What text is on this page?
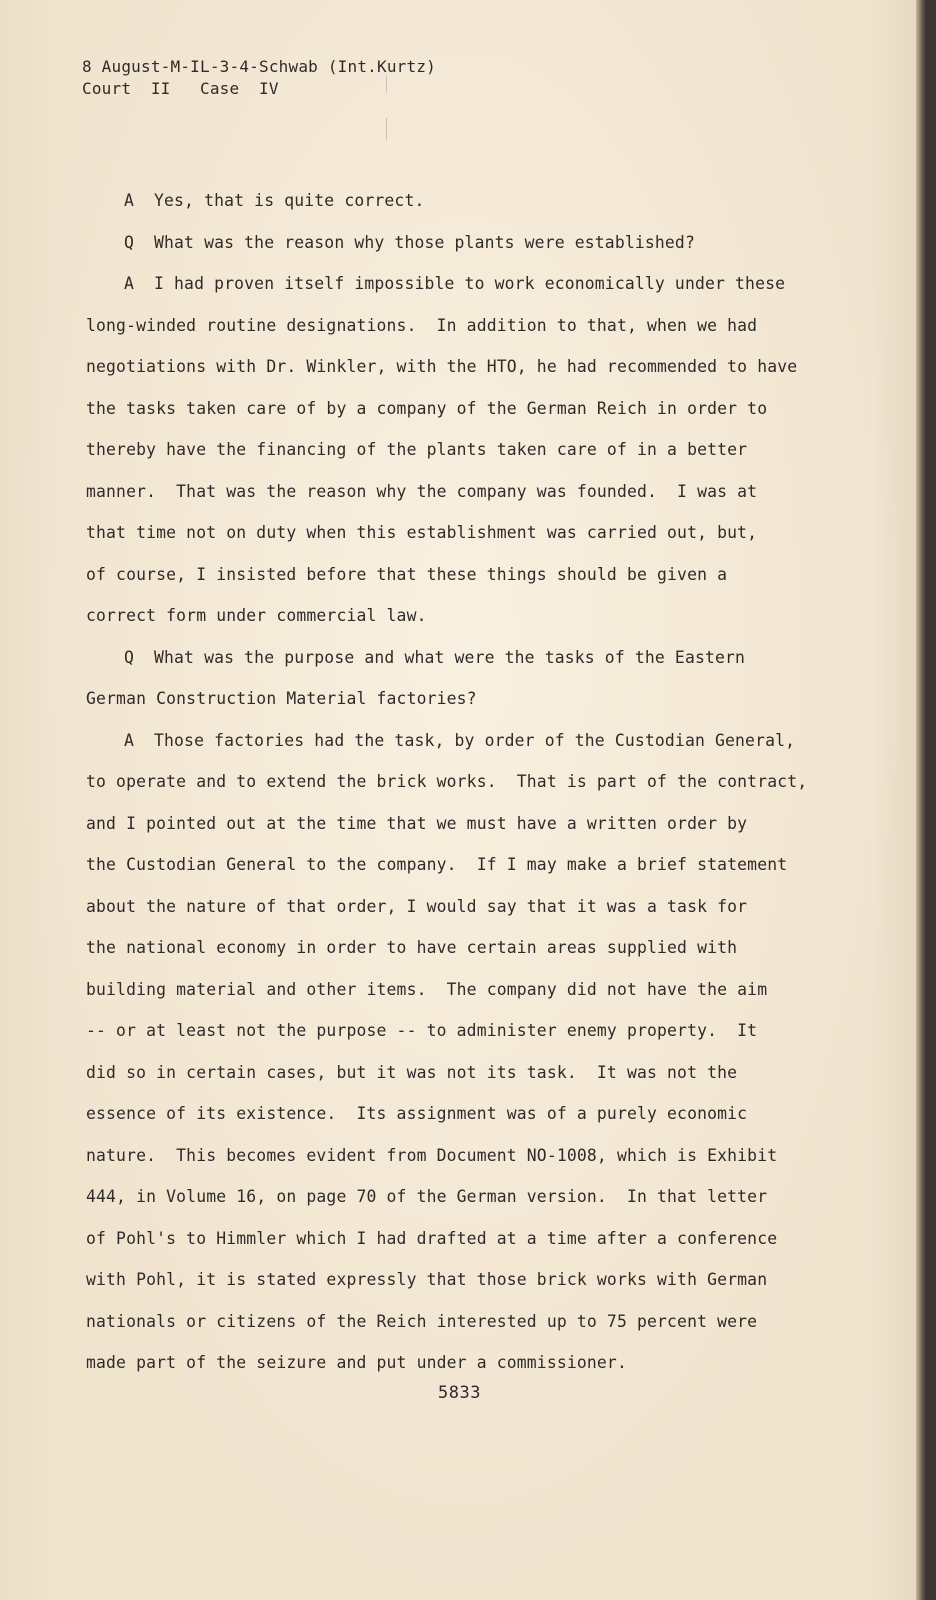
8 August-M-IL-3-4-Schwab (Int.Kurtz)
Court  II   Case  IV
A Yes, that is quite correct.
Q What was the reason why those plants were established?
A I had proven itself impossible to work economically under these
long-winded routine designations.  In addition to that, when we had
negotiations with Dr. Winkler, with the HTO, he had recommended to have
the tasks taken care of by a company of the German Reich in order to
thereby have the financing of the plants taken care of in a better
manner.  That was the reason why the company was founded.  I was at
that time not on duty when this establishment was carried out, but,
of course, I insisted before that these things should be given a
correct form under commercial law.
Q What was the purpose and what were the tasks of the Eastern
German Construction Material factories?
A Those factories had the task, by order of the Custodian General,
to operate and to extend the brick works.  That is part of the contract,
and I pointed out at the time that we must have a written order by
the Custodian General to the company.  If I may make a brief statement
about the nature of that order, I would say that it was a task for
the national economy in order to have certain areas supplied with
building material and other items.  The company did not have the aim
-- or at least not the purpose -- to administer enemy property.  It
did so in certain cases, but it was not its task.  It was not the
essence of its existence.  Its assignment was of a purely economic
nature.  This becomes evident from Document NO-1008, which is Exhibit
444, in Volume 16, on page 70 of the German version.  In that letter
of Pohl's to Himmler which I had drafted at a time after a conference
with Pohl, it is stated expressly that those brick works with German
nationals or citizens of the Reich interested up to 75 percent were
made part of the seizure and put under a commissioner.
5833
